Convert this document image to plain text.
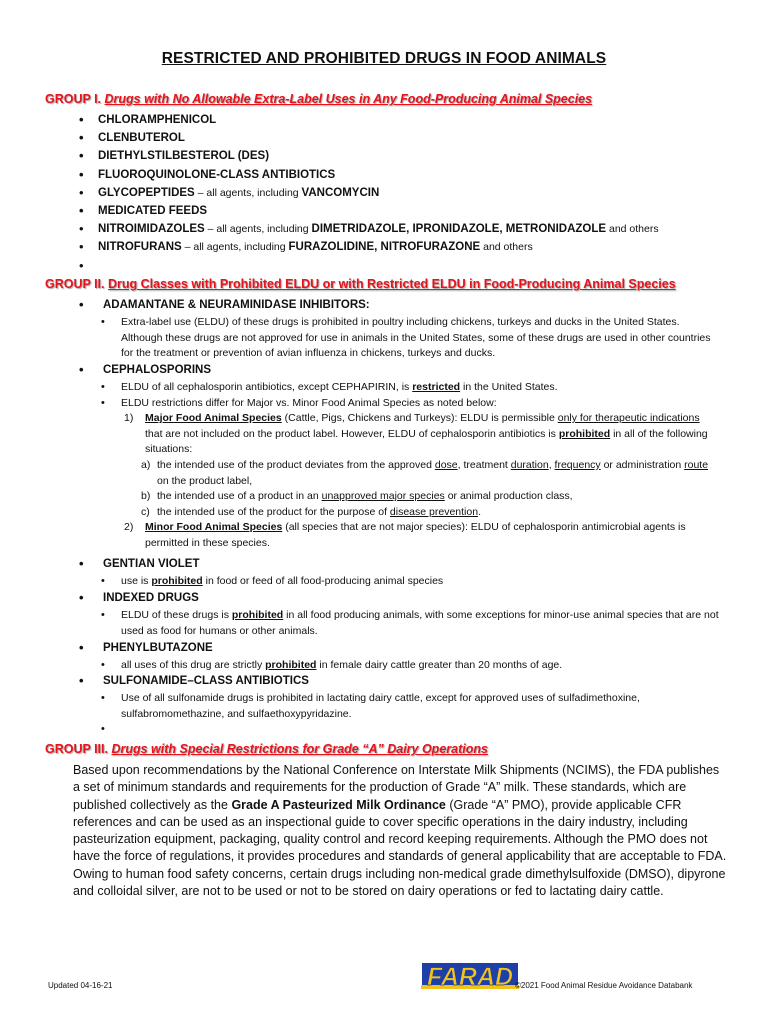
RESTRICTED AND PROHIBITED DRUGS IN FOOD ANIMALS
GROUP I. Drugs with No Allowable Extra-Label Uses in Any Food-Producing Animal Species
• CHLORAMPHENICOL
• CLENBUTEROL
• DIETHYLSTILBESTEROL (DES)
• FLUOROQUINOLONE-CLASS ANTIBIOTICS
• GLYCOPEPTIDES – all agents, including VANCOMYCIN
• MEDICATED FEEDS
• NITROIMIDAZOLES – all agents, including DIMETRIDAZOLE, IPRONIDAZOLE, METRONIDAZOLE and others
• NITROFURANS – all agents, including FURAZOLIDINE, NITROFURAZONE and others
•
GROUP II. Drug Classes with Prohibited ELDU or with Restricted ELDU in Food-Producing Animal Species
• ADAMANTANE & NEURAMINIDASE INHIBITORS:
• Extra-label use (ELDU) of these drugs is prohibited in poultry including chickens, turkeys and ducks in the United States. Although these drugs are not approved for use in animals in the United States, some of these drugs are used in other countries for the treatment or prevention of avian influenza in chickens, turkeys and ducks.
• CEPHALOSPORINS
• ELDU of all cephalosporin antibiotics, except CEPHAPIRIN, is restricted in the United States.
• ELDU restrictions differ for Major vs. Minor Food Animal Species as noted below:
1) Major Food Animal Species (Cattle, Pigs, Chickens and Turkeys): ELDU is permissible only for therapeutic indications that are not included on the product label. However, ELDU of cephalosporin antibiotics is prohibited in all of the following situations:
a) the intended use of the product deviates from the approved dose, treatment duration, frequency or administration route on the product label,
b) the intended use of a product in an unapproved major species or animal production class,
c) the intended use of the product for the purpose of disease prevention.
2) Minor Food Animal Species (all species that are not major species): ELDU of cephalosporin antimicrobial agents is permitted in these species.
• GENTIAN VIOLET
• use is prohibited in food or feed of all food-producing animal species
• INDEXED DRUGS
• ELDU of these drugs is prohibited in all food producing animals, with some exceptions for minor-use animal species that are not used as food for humans or other animals.
• PHENYLBUTAZONE
• all uses of this drug are strictly prohibited in female dairy cattle greater than 20 months of age.
• SULFONAMIDE–CLASS ANTIBIOTICS
• Use of all sulfonamide drugs is prohibited in lactating dairy cattle, except for approved uses of sulfadimethoxine, sulfabromomethazine, and sulfaethoxypyridazine.
•
GROUP III. Drugs with Special Restrictions for Grade “A” Dairy Operations
Based upon recommendations by the National Conference on Interstate Milk Shipments (NCIMS), the FDA publishes a set of minimum standards and requirements for the production of Grade “A” milk. These standards, which are published collectively as the Grade A Pasteurized Milk Ordinance (Grade “A” PMO), provide applicable CFR references and can be used as an inspectional guide to cover specific operations in the dairy industry, including pasteurization equipment, packaging, quality control and record keeping requirements. Although the PMO does not have the force of regulations, it provides procedures and standards of general applicability that are acceptable to FDA. Owing to human food safety concerns, certain drugs including non-medical grade dimethylsulfoxide (DMSO), dipyrone and colloidal silver, are not to be used or not to be stored on dairy operations or fed to lactating dairy cattle.
Updated 04-16-21	FARAD ©2021 Food Animal Residue Avoidance Databank
